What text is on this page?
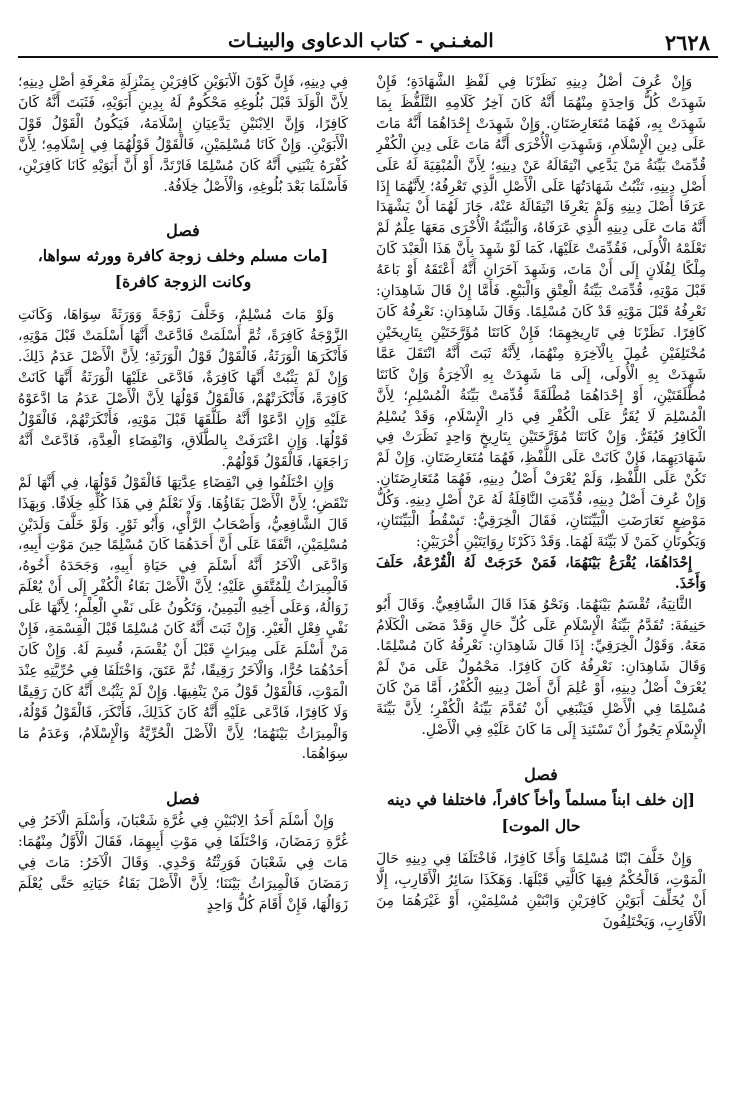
٢٦٢٨
المغـنـي - كتاب الدعاوى والبينـات

وَإِنْ عُرِفَ أَصْلُ دِينِهِ نَظَرْنَا فِي لَفْظِ الشَّهَادَةِ؛ فَإِنْ شَهِدَتْ كُلُّ وَاحِدَةٍ مِنْهُمَا أَنَّهُ كَانَ آخِرُ كَلَامِهِ التَّلَفُّظَ بِمَا شَهِدَتْ بِهِ، فَهُمَا مُتَعَارِضَتَانِ. وَإِنْ شَهِدَتْ إِحْدَاهُمَا أَنَّهُ مَاتَ عَلَى دِينِ الْإِسْلَامِ، وَشَهِدَتِ الْأُخْرَى أَنَّهُ مَاتَ عَلَى دِينِ الْكُفْرِ قُدِّمَتْ بَيِّنَةُ مَنْ يَدَّعِي انْتِقَالَهُ عَنْ دِينِهِ؛ لِأَنَّ الْمُبْقِيَةَ لَهُ عَلَى أَصْلِ دِينِهِ، تَثْبُتُ شَهَادَتُهَا عَلَى الْأَصْلِ الَّذِي تَعْرِفُهُ؛ لِأَنَّهُمَا إِذَا عَرَفَا أَصْلَ دِينِهِ وَلَمْ يَعْرِفَا انْتِقَالَهُ عَنْهُ، جَازَ لَهُمَا أَنْ يَشْهَدَا أَنَّهُ مَاتَ عَلَى دِينِهِ الَّذِي عَرَفَاهُ، وَالْبَيِّنَةُ الْأُخْرَى مَعَهَا عِلْمٌ لَمْ تَعْلَمْهُ الْأُولَى، فَقُدِّمَتْ عَلَيْهَا، كَمَا لَوْ شَهِدَ بِأَنَّ هَذَا الْعَبْدَ كَانَ مِلْكًا لِفُلَانٍ إِلَى أَنْ مَاتَ، وَشَهِدَ آخَرَانِ أَنَّهُ أَعْتَقَهُ أَوْ بَاعَهُ قَبْلَ مَوْتِهِ، قُدِّمَتْ بَيِّنَةُ الْعِتْقِ وَالْبَيْعِ. فَأَمَّا إِنْ قَالَ شَاهِدَانِ: نَعْرِفُهُ قَبْلَ مَوْتِهِ قَدْ كَانَ مُسْلِمًا. وَقَالَ شَاهِدَانِ: نَعْرِفُهُ كَانَ كَافِرًا. نَظَرْنَا فِي تَارِيخِهِمَا؛ فَإِنْ كَانَتَا مُؤَرَّخَتَيْنِ بِتَارِيخَيْنِ مُخْتَلِفَيْنِ عُمِلَ بِالْآخِرَةِ مِنْهُمَا، لِأَنَّهُ ثَبَتَ أَنَّهُ انْتَقَلَ عَمَّا شَهِدَتْ بِهِ الْأُولَى، إِلَى مَا شَهِدَتْ بِهِ الْآخِرَةُ وَإِنْ كَانَتَا مُطْلَقَتَيْنِ، أَوْ إِحْدَاهُمَا مُطْلَقَةً قُدِّمَتْ بَيِّنَةُ الْمُسْلِمِ؛ لِأَنَّ الْمُسْلِمَ لَا يُقَرُّ عَلَى الْكُفْرِ فِي دَارِ الْإِسْلَامِ، وَقَدْ يُسْلِمُ الْكَافِرُ فَيُقَرُّ. وَإِنْ كَانَتَا مُؤَرَّخَتَيْنِ بِتَارِيخٍ وَاحِدٍ نَظَرَتْ فِي شَهَادَتِهِمَا، فَإِنْ كَانَتْ عَلَى اللَّفْظِ، فَهُمَا مُتَعَارِضَتَانِ. وَإِنْ لَمْ تَكُنْ عَلَى اللَّفْظِ، وَلَمْ يُعْرَفْ أَصْلُ دِينِهِ، فَهُمَا مُتَعَارِضَتَانِ. وَإِنْ عُرِفَ أَصْلُ دِينِهِ، قُدِّمَتِ النَّاقِلَةُ لَهُ عَنْ أَصْلِ دِينِهِ. وَكُلُّ مَوْضِعٍ تَعَارَضَتِ الْبَيِّنَتَانِ، فَقَالَ الْخِرَقِيُّ: تَسْقُطُ الْبَيِّنَتَانِ، وَيَكُونَانِ كَمَنْ لَا بَيِّنَةَ لَهُمَا. وَقَدْ ذَكَرْنَا رِوَايَتَيْنِ أُخْرَيَيْنِ:

إِحْدَاهُمَا، يُقْرَعُ بَيْنَهُمَا، فَمَنْ خَرَجَتْ لَهُ الْقُرْعَةُ، حَلَفَ وَأَخَذَ.

الثَّانِيَةُ، تُقْسَمُ بَيْنَهُمَا. وَنَحْوُ هَذَا قَالَ الشَّافِعِيُّ. وَقَالَ أَبُو حَنِيفَةَ: تُقَدَّمُ بَيِّنَةُ الْإِسْلَامِ عَلَى كُلِّ حَالٍ وَقَدْ مَضَى الْكَلَامُ مَعَهُ. وَقَوْلُ الْخِرَقِيِّ: إِذَا قَالَ شَاهِدَانِ: نَعْرِفُهُ كَانَ مُسْلِمًا. وَقَالَ شَاهِدَانِ: نَعْرِفُهُ كَانَ كَافِرًا. مَحْمُولٌ عَلَى مَنْ لَمْ يُعْرَفْ أَصْلُ دِينِهِ، أَوْ عُلِمَ أَنَّ أَصْلَ دِينِهِ الْكُفْرُ، أَمَّا مَنْ كَانَ مُسْلِمًا فِي الْأَصْلِ فَيَنْبَغِي أَنْ تُقَدَّمَ بَيِّنَةُ الْكُفْرِ؛ لِأَنَّ بَيِّنَةَ الْإِسْلَامِ يَجُوزُ أَنْ تَسْتَنِدَ إِلَى مَا كَانَ عَلَيْهِ فِي الْأَصْلِ.

فصل

[إن خلف ابناً مسلماً وأخاً كافراً، فاختلفا في دينه حال الموت]

وَإِنْ خَلَّفَ ابْنًا مُسْلِمًا وَأَخًا كَافِرًا، فَاخْتَلَفَا فِي دِينِهِ حَالَ الْمَوْتِ، فَالْحُكْمُ فِيهَا كَالَّتِي قَبْلَهَا. وَهَكَذَا سَائِرُ الْأَقَارِبِ، إِلَّا أَنْ يُخَلِّفَ أَبَوَيْنِ كَافِرَيْنِ وَابْنَيْنِ مُسْلِمَيْنِ، أَوْ غَيْرَهُمَا مِنَ الْأَقَارِبِ، وَيَخْتَلِفُونَ

فِي دِينِهِ، فَإِنَّ كَوْنَ الْأَبَوَيْنِ كَافِرَيْنِ بِمَنْزِلَةِ مَعْرِفَةِ أَصْلِ دِينِهِ؛ لِأَنَّ الْوَلَدَ قَبْلَ بُلُوغِهِ مَحْكُومٌ لَهُ بِدِينِ أَبَوَيْهِ، فَثَبَتَ أَنَّهُ كَانَ كَافِرًا، وَإِنَّ الِابْنَيْنِ يَدَّعِيَانِ إِسْلَامَهُ، فَيَكُونُ الْقَوْلُ قَوْلَ الْأَبَوَيْنِ. وَإِنْ كَانَا مُسْلِمَيْنِ، فَالْقَوْلُ قَوْلُهُمَا فِي إِسْلَامِهِ؛ لِأَنَّ كُفْرَهُ يَنْبَنِي أَنَّهُ كَانَ مُسْلِمًا فَارْتَدَّ، أَوْ أَنَّ أَبَوَيْهِ كَانَا كَافِرَيْنِ، فَأَسْلَمَا بَعْدَ بُلُوغِهِ، وَالْأَصْلُ خِلَافُهُ.

فصل

[مات مسلم وخلف زوجة كافرة وورثه سواها، وكانت الزوجة كافرة]

وَلَوْ مَاتَ مُسْلِمٌ، وَخَلَّفَ زَوْجَةً وَوَرَثَةً سِوَاهَا، وَكَانَتِ الزَّوْجَةُ كَافِرَةً، ثُمَّ أَسْلَمَتْ فَادَّعَتْ أَنَّهَا أَسْلَمَتْ قَبْلَ مَوْتِهِ، فَأَنْكَرَهَا الْوَرَثَةُ، فَالْقَوْلُ قَوْلُ الْوَرَثَةِ؛ لِأَنَّ الْأَصْلَ عَدَمُ ذَلِكَ. وَإِنْ لَمْ يَثْبُتْ أَنَّهَا كَافِرَةٌ، فَادَّعَى عَلَيْهَا الْوَرَثَةُ أَنَّهَا كَانَتْ كَافِرَةً، فَأَنْكَرَتْهُمْ، فَالْقَوْلُ قَوْلُهَا لِأَنَّ الْأَصْلَ عَدَمُ مَا ادَّعَوْهُ عَلَيْهِ وَإِنِ ادَّعَوْا أَنَّهُ طَلَّقَهَا قَبْلَ مَوْتِهِ، فَأَنْكَرَتْهُمْ، فَالْقَوْلُ قَوْلُهَا. وَإِنِ اعْتَرَفَتْ بِالطَّلَاقِ، وَانْقِضَاءِ الْعِدَّةِ، فَادَّعَتْ أَنَّهُ رَاجَعَهَا، فَالْقَوْلُ قَوْلُهُمْ.

وَإِنِ اخْتَلَفُوا فِي انْقِضَاءِ عِدَّتِهَا فَالْقَوْلُ قَوْلُهَا، فِي أَنَّهَا لَمْ تَنْقَضِ؛ لِأَنَّ الْأَصْلَ بَقَاؤُهَا. وَلَا نَعْلَمُ فِي هَذَا كُلِّهِ خِلَافًا. وَبِهَذَا قَالَ الشَّافِعِيُّ، وَأَصْحَابُ الرَّأْيِ، وَأَبُو ثَوْرٍ. وَلَوْ خَلَّفَ وَلَدَيْنِ مُسْلِمَيْنِ، اتَّفَقَا عَلَى أَنَّ أَحَدَهُمَا كَانَ مُسْلِمًا حِينَ مَوْتِ أَبِيهِ، وَادَّعَى الْآخَرُ أَنَّهُ أَسْلَمَ فِي حَيَاةِ أَبِيهِ، وَجَحَدَهُ أَخُوهُ، فَالْمِيرَاثُ لِلْمُتَّفَقِ عَلَيْهِ؛ لِأَنَّ الْأَصْلَ بَقَاءُ الْكُفْرِ إِلَى أَنْ يُعْلَمَ زَوَالُهُ، وَعَلَى أَخِيهِ الْيَمِينُ، وَتَكُونُ عَلَى نَفْيِ الْعِلْمِ؛ لِأَنَّهَا عَلَى نَفْيِ فِعْلِ الْغَيْرِ. وَإِنْ ثَبَتَ أَنَّهُ كَانَ مُسْلِمًا قَبْلَ الْقِسْمَةِ، فَإِنْ مَنْ أَسْلَمَ عَلَى مِيرَاثٍ قَبْلَ أَنْ يُقْسَمَ، قُسِمَ لَهُ. وَإِنْ كَانَ أَحَدُهُمَا حُرًّا، وَالْآخَرُ رَقِيقًا، ثُمَّ عَتَقَ، وَاخْتَلَفَا فِي حُرِّيَّتِهِ عِنْدَ الْمَوْتِ، فَالْقَوْلُ قَوْلُ مَنْ يَنْفِيهَا. وَإِنْ لَمْ يَثْبُتْ أَنَّهُ كَانَ رَقِيقًا وَلَا كَافِرًا، فَادَّعَى عَلَيْهِ أَنَّهُ كَانَ كَذَلِكَ، فَأَنْكَرَ، فَالْقَوْلُ قَوْلُهُ، وَالْمِيرَاثُ بَيْنَهُمَا؛ لِأَنَّ الْأَصْلَ الْحُرِّيَّةُ وَالْإِسْلَامُ، وَعَدَمُ مَا سِوَاهُمَا.

فصل

وَإِنْ أَسْلَمَ أَحَدُ الِابْنَيْنِ فِي غُرَّةِ شَعْبَانَ، وَأَسْلَمَ الْآخَرُ فِي غُرَّةِ رَمَضَانَ، وَاخْتَلَفَا فِي مَوْتِ أَبِيهِمَا، فَقَالَ الْأَوَّلُ مِنْهُمَا: مَاتَ فِي شَعْبَانَ فَوَرِثْتُهُ وَحْدِي. وَقَالَ الْآخَرُ: مَاتَ فِي رَمَضَانَ فَالْمِيرَاثُ بَيْنَنَا؛ لِأَنَّ الْأَصْلَ بَقَاءُ حَيَاتِهِ حَتَّى يُعْلَمَ زَوَالُهَا، فَإِنْ أَقَامَ كُلُّ وَاحِدٍ
